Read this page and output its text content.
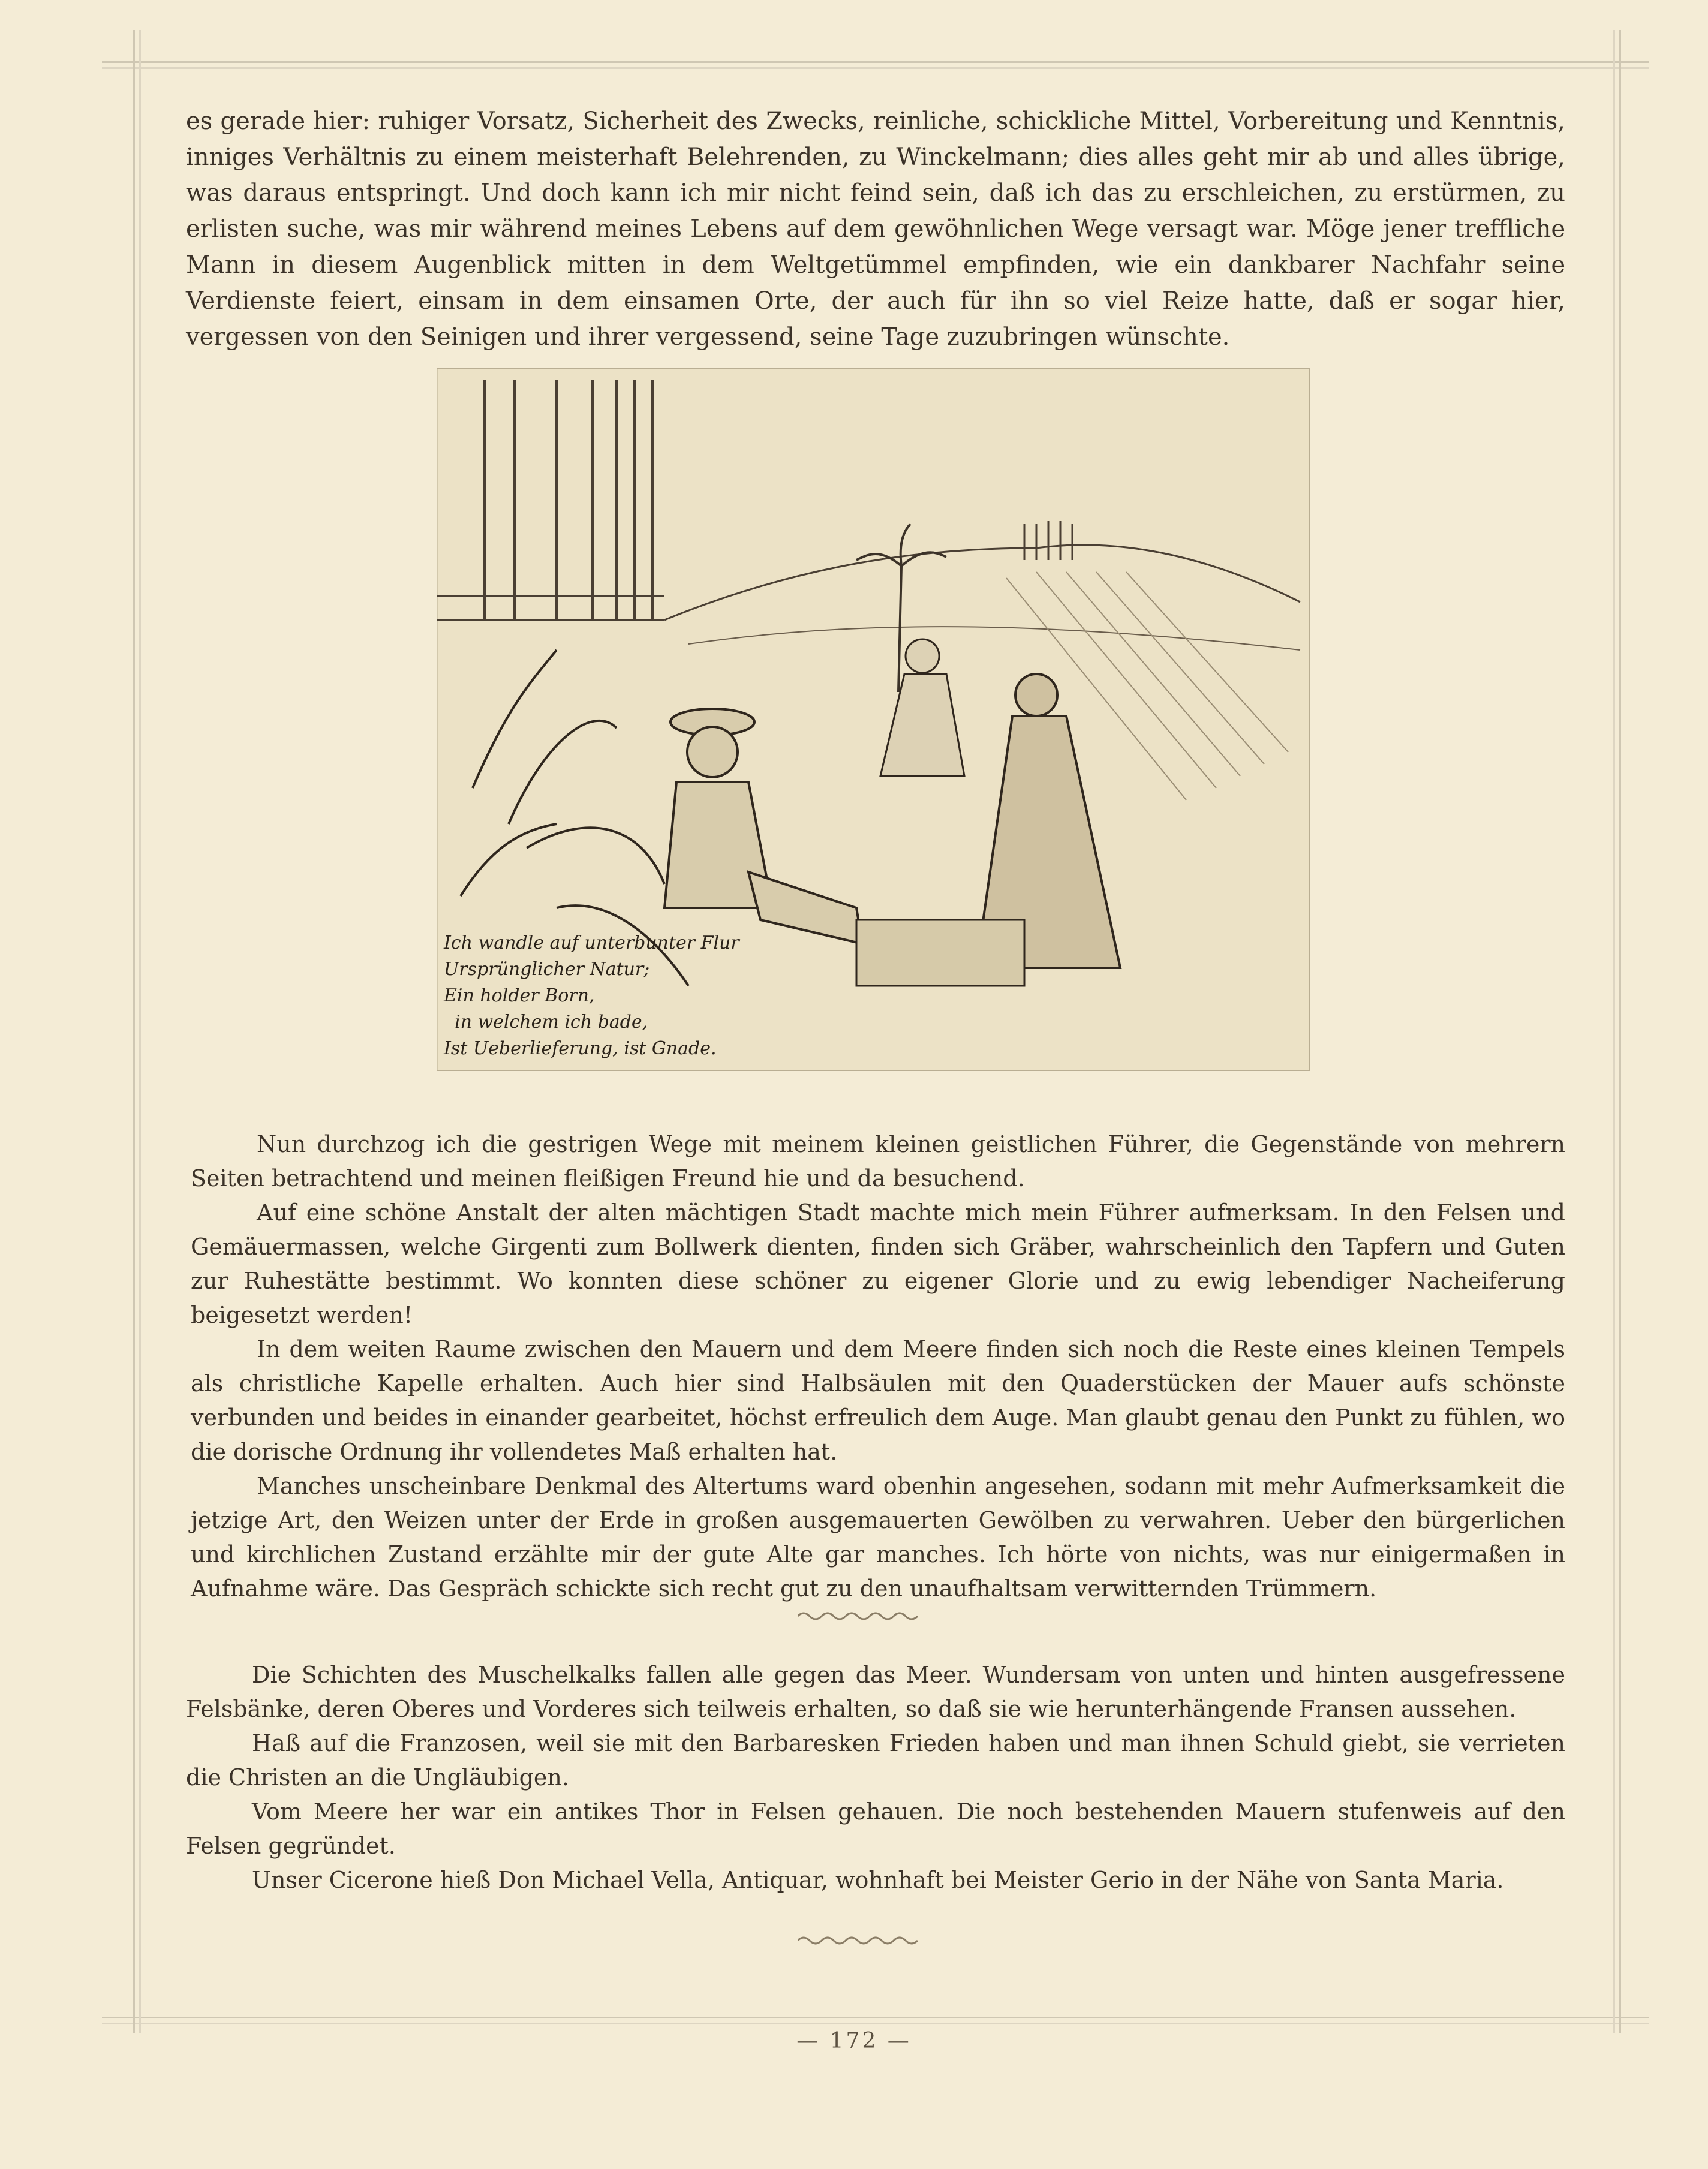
es gerade hier: ruhiger Vorsatz, Sicherheit des Zwecks, reinliche, schickliche Mittel, Vorbereitung und Kenntnis, inniges Verhältnis zu einem meisterhaft Belehrenden, zu Winckelmann; dies alles geht mir ab und alles übrige, was daraus entspringt. Und doch kann ich mir nicht feind sein, daß ich das zu erschleichen, zu erstürmen, zu erlisten suche, was mir während meines Lebens auf dem gewöhnlichen Wege versagt war. Möge jener treffliche Mann in diesem Augenblick mitten in dem Weltgetümmel empfinden, wie ein dankbarer Nachfahr seine Verdienste feiert, einsam in dem einsamen Orte, der auch für ihn so viel Reize hatte, daß er sogar hier, vergessen von den Seinigen und ihrer vergessend, seine Tage zuzubringen wünschte.

Ich wandle auf unterbunter Flur
Ursprünglicher Natur;
Ein holder Born,
in welchem ich bade,
Ist Ueberlieferung, ist Gnade.

Nun durchzog ich die gestrigen Wege mit meinem kleinen geistlichen Führer, die Gegenstände von mehrern Seiten betrachtend und meinen fleißigen Freund hie und da besuchend.

Auf eine schöne Anstalt der alten mächtigen Stadt machte mich mein Führer aufmerksam. In den Felsen und Gemäuermassen, welche Girgenti zum Bollwerk dienten, finden sich Gräber, wahrscheinlich den Tapfern und Guten zur Ruhestätte bestimmt. Wo konnten diese schöner zu eigener Glorie und zu ewig lebendiger Nacheiferung beigesetzt werden!

In dem weiten Raume zwischen den Mauern und dem Meere finden sich noch die Reste eines kleinen Tempels als christliche Kapelle erhalten. Auch hier sind Halbsäulen mit den Quaderstücken der Mauer aufs schönste verbunden und beides in einander gearbeitet, höchst erfreulich dem Auge. Man glaubt genau den Punkt zu fühlen, wo die dorische Ordnung ihr vollendetes Maß erhalten hat.

Manches unscheinbare Denkmal des Altertums ward obenhin angesehen, sodann mit mehr Aufmerksamkeit die jetzige Art, den Weizen unter der Erde in großen ausgemauerten Gewölben zu verwahren. Ueber den bürgerlichen und kirchlichen Zustand erzählte mir der gute Alte gar manches. Ich hörte von nichts, was nur einigermaßen in Aufnahme wäre. Das Gespräch schickte sich recht gut zu den unaufhaltsam verwitternden Trümmern.

Die Schichten des Muschelkalks fallen alle gegen das Meer. Wundersam von unten und hinten ausgefressene Felsbänke, deren Oberes und Vorderes sich teilweis erhalten, so daß sie wie herunterhängende Fransen aussehen.

Haß auf die Franzosen, weil sie mit den Barbaresken Frieden haben und man ihnen Schuld giebt, sie verrieten die Christen an die Ungläubigen.

Vom Meere her war ein antikes Thor in Felsen gehauen. Die noch bestehenden Mauern stufenweis auf den Felsen gegründet.

Unser Cicerone hieß Don Michael Vella, Antiquar, wohnhaft bei Meister Gerio in der Nähe von Santa Maria.

— 172 —
